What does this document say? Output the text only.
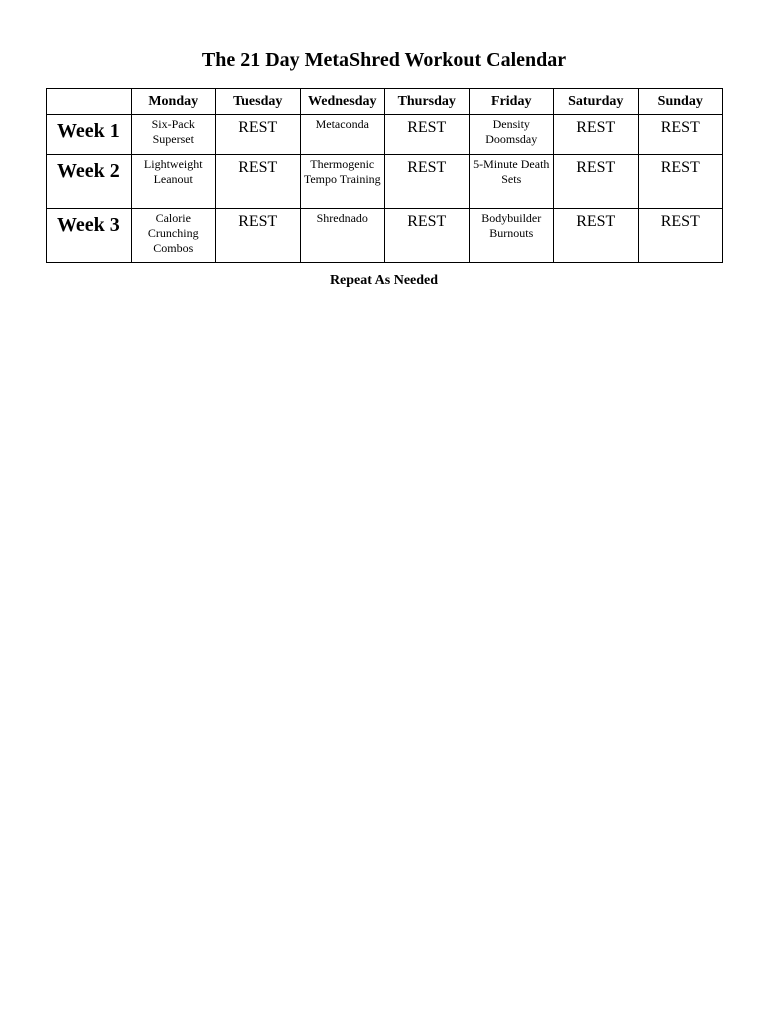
The 21 Day MetaShred Workout Calendar
	Monday	Tuesday	Wednesday	Thursday	Friday	Saturday	Sunday
Week 1	Six-Pack Superset	REST	Metaconda	REST	Density Doomsday	REST	REST
Week 2	Lightweight Leanout	REST	Thermogenic Tempo Training	REST	5-Minute Death Sets	REST	REST
Week 3	Calorie Crunching Combos	REST	Shrednado	REST	Bodybuilder Burnouts	REST	REST
Repeat As Needed
